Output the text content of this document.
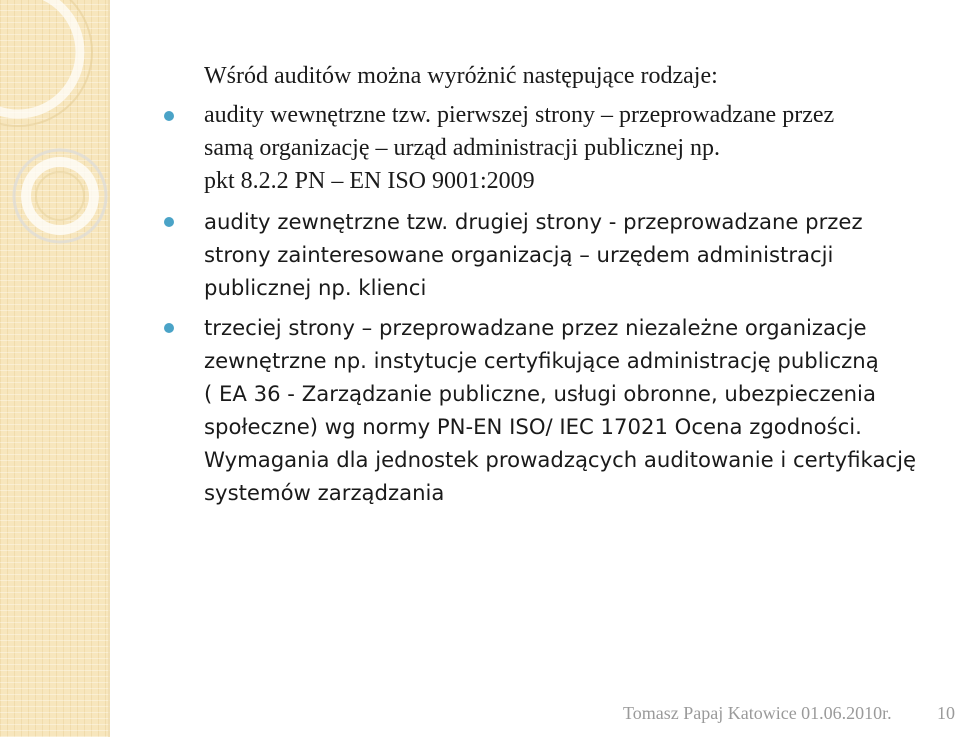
Wśród auditów można wyróżnić następujące rodzaje:

audity wewnętrzne tzw. pierwszej strony – przeprowadzane przez
samą organizację – urząd administracji publicznej np.
pkt 8.2.2 PN – EN ISO 9001:2009
audity zewnętrzne tzw. drugiej strony - przeprowadzane przez
strony zainteresowane organizacją – urzędem administracji
publicznej np. klienci
trzeciej strony – przeprowadzane przez niezależne organizacje
zewnętrzne np. instytucje certyfikujące administrację publiczną
( EA 36 - Zarządzanie publiczne, usługi obronne, ubezpieczenia
społeczne) wg normy PN-EN ISO/ IEC 17021 Ocena zgodności.
Wymagania dla jednostek prowadzących auditowanie i certyfikację
systemów zarządzania
Tomasz Papaj Katowice 01.06.2010r.	10
